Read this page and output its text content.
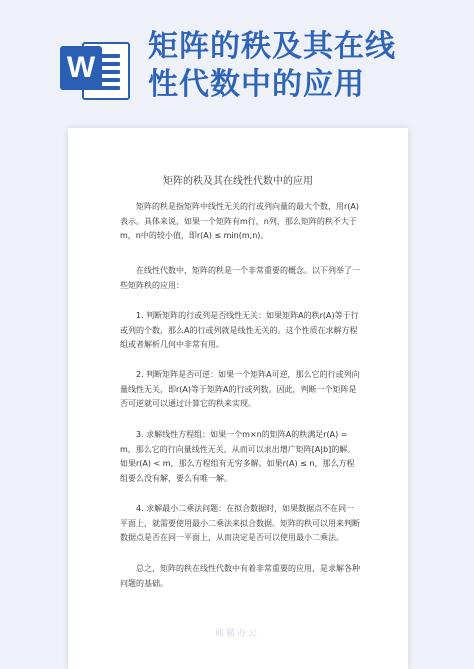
W
矩阵的秩及其在线
性代数中的应用
矩阵的秩及其在线性代数中的应用

矩阵的秩是指矩阵中线性无关的行或列向量的最大个数，用r(A)表示。具体来说，如果一个矩阵有m行，n列，那么矩阵的秩不大于m，n中的较小值，即r(A) ≤ min(m,n)。

在线性代数中，矩阵的秩是一个非常重要的概念。以下列举了一些矩阵秩的应用：

1. 判断矩阵的行或列是否线性无关：如果矩阵A的秩r(A)等于行或列的个数，那么A的行或列就是线性无关的。这个性质在求解方程组或者解析几何中非常有用。

2. 判断矩阵是否可逆：如果一个矩阵A可逆，那么它的行或列向量线性无关，即r(A)等于矩阵A的行或列数。因此，判断一个矩阵是否可逆就可以通过计算它的秩来实现。

3. 求解线性方程组：如果一个m×n的矩阵A的秩满足r(A) = m，那么它的行向量线性无关，从而可以求出增广矩阵[A|b]的解。如果r(A) < m，那么方程组有无穷多解。如果r(A) ≤ n，那么方程组要么没有解，要么有唯一解。

4. 求解最小二乘法问题：在拟合数据时，如果数据点不在同一平面上，就需要使用最小二乘法来拟合数据。矩阵的秩可以用来判断数据点是否在同一平面上，从而决定是否可以使用最小二乘法。

总之，矩阵的秩在线性代数中有着非常重要的应用，是求解各种问题的基础。

熊猫办公
